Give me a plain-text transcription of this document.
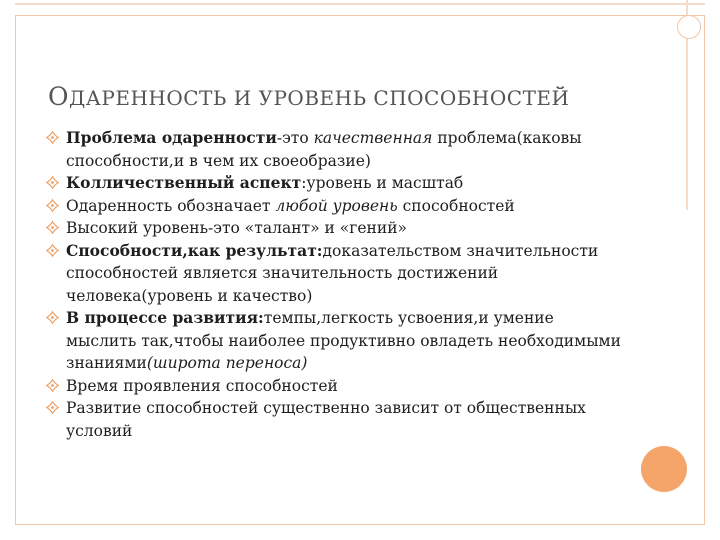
ОДАРЕННОСТЬ И УРОВЕНЬ СПОСОБНОСТЕЙ
Проблема одаренности-это качественная проблема(каковы способности,и в чем их своеобразие)
Колличественный аспект:уровень и масштаб
Одаренность обозначает любой уровень способностей
Высокий уровень-это «талант» и «гений»
Способности,как результат:доказательством значительности способностей является значительность достижений человека(уровень и качество)
В процессе развития:темпы,легкость усвоения,и умение мыслить так,чтобы наиболее продуктивно овладеть необходимыми знаниями(широта переноса)
Время проявления способностей
Развитие способностей существенно зависит от общественных условий
